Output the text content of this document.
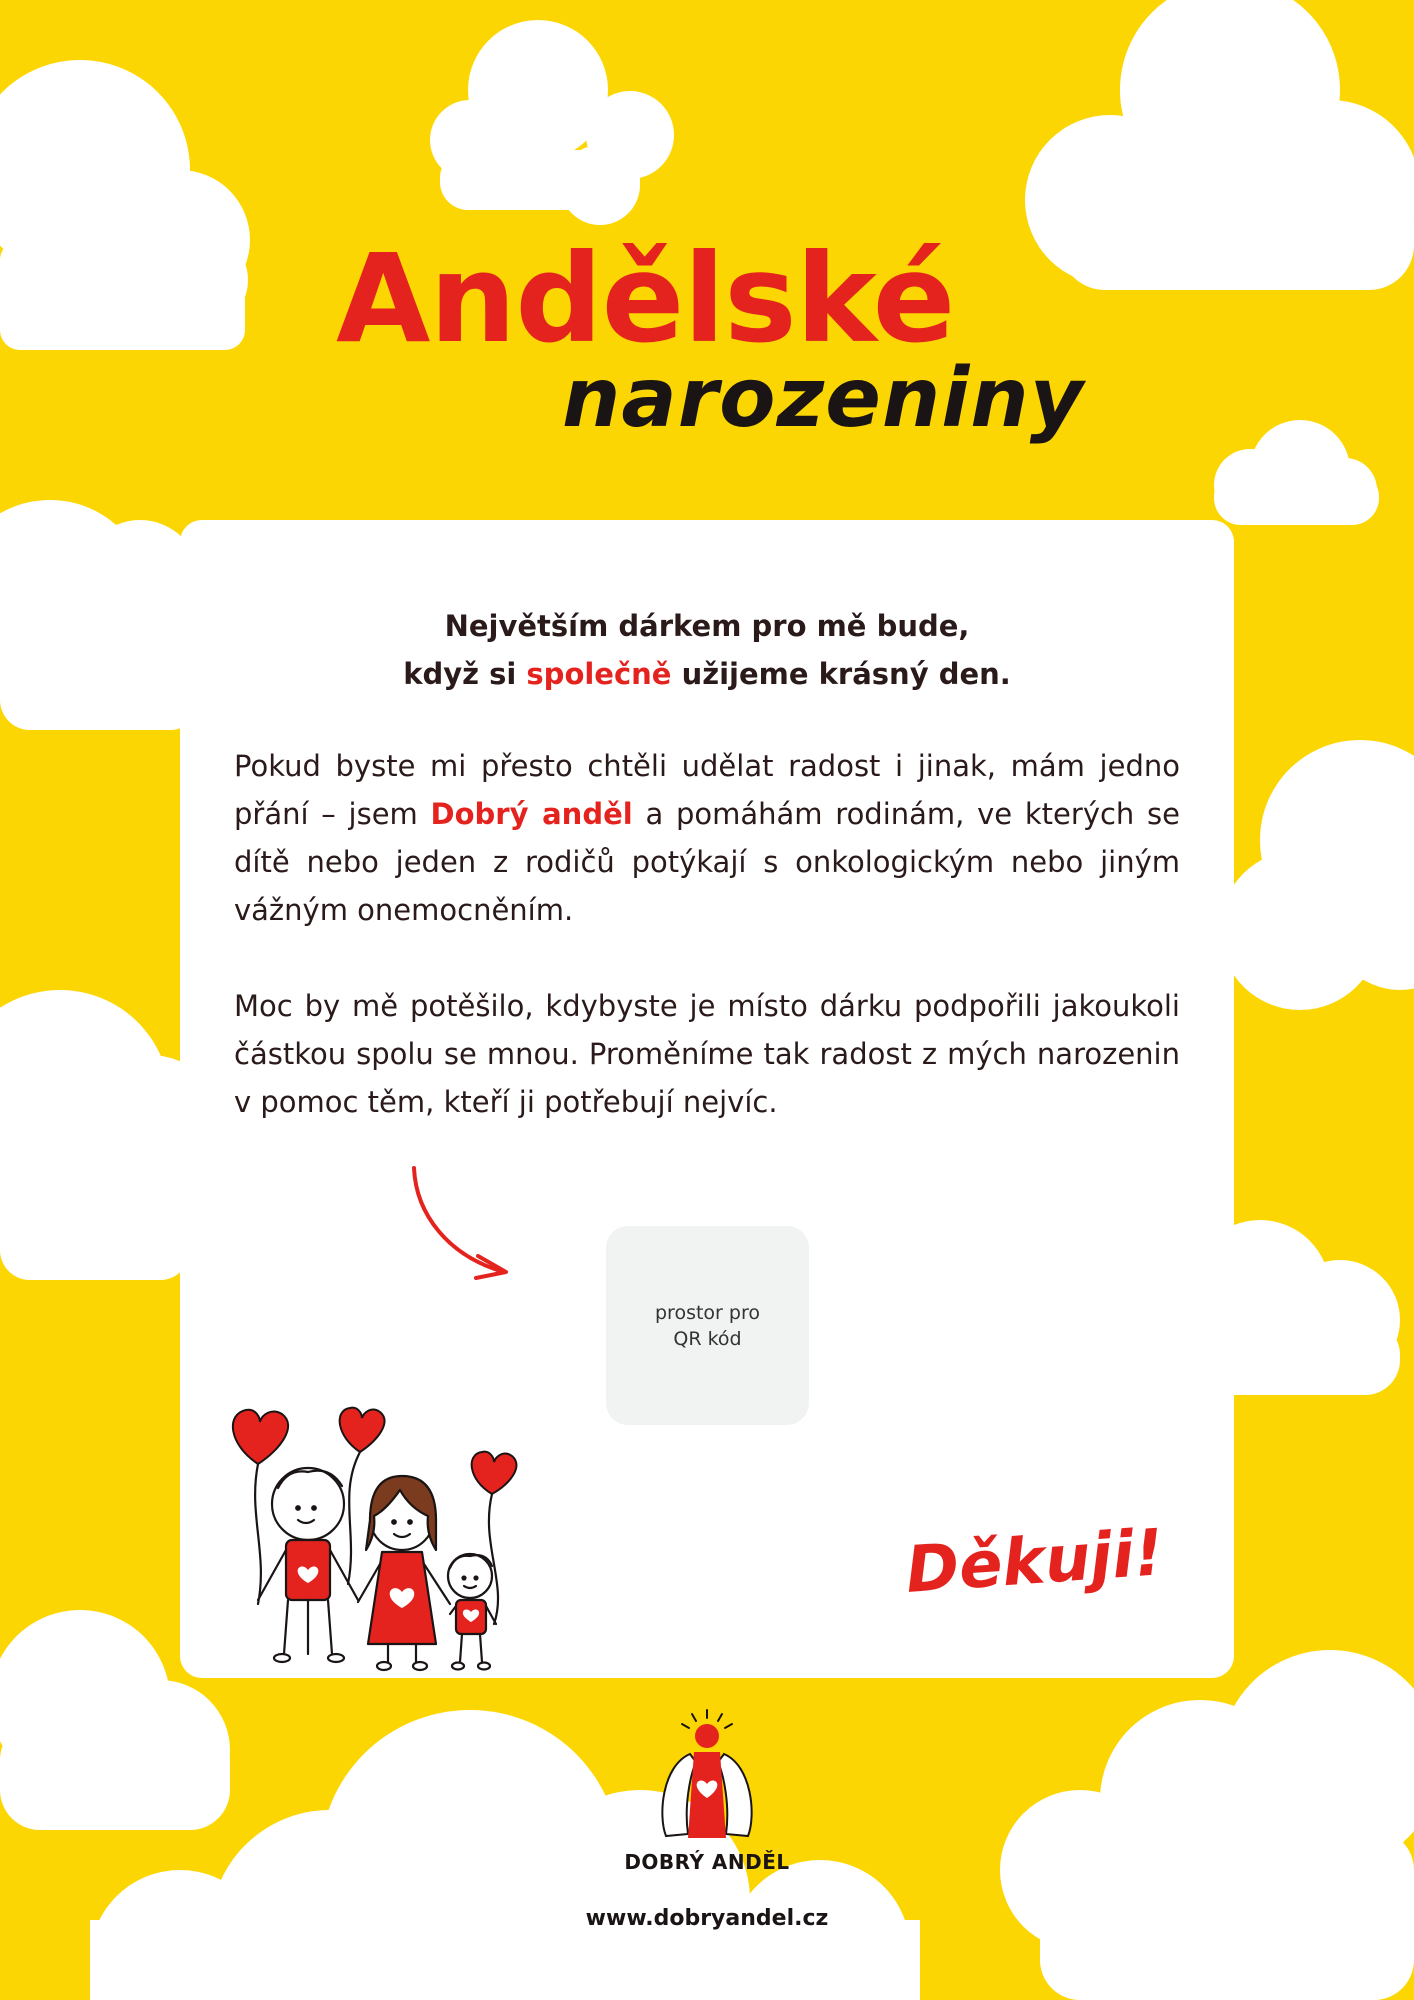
Andělské
narozeniny
Největším dárkem pro mě bude,
když si společně užijeme krásný den.
Pokud byste mi přesto chtěli udělat radost i jinak, mám jedno přání – jsem Dobrý anděl a pomáhám rodinám, ve kterých se dítě nebo jeden z rodičů potýkají s onkologickým nebo jiným vážným onemocněním.
Moc by mě potěšilo, kdybyste je místo dárku podpořili jakoukoli částkou spolu se mnou. Proměníme tak radost z mých narozenin v pomoc těm, kteří ji potřebují nejvíc.
prostor pro
QR kód
Děkuji!
DOBRÝ ANDĚL
www.dobryandel.cz
